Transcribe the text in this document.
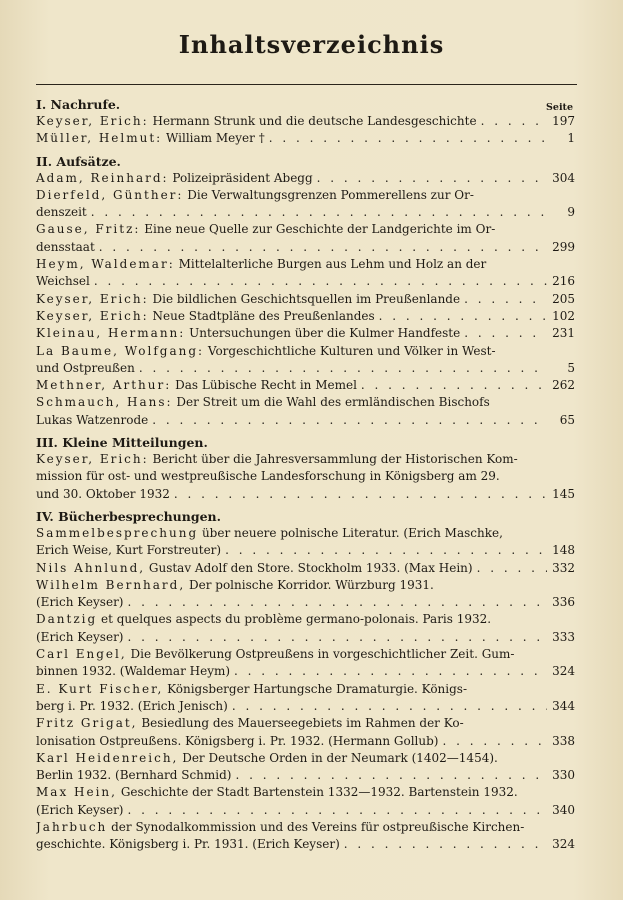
Inhaltsverzeichnis
Seite
I. Nachrufe.
Keyser, Erich: Hermann Strunk und die deutsche Landesgeschichte . . .	197
Müller, Helmut: William Meyer † . . .	1
II. Aufsätze.
Adam, Reinhard: Polizeipräsident Abegg . . .	304
Dierfeld, Günther: Die Verwaltungsgrenzen Pommerellens zur Or-
denszeit . . .	9
Gause, Fritz: Eine neue Quelle zur Geschichte der Landgerichte im Or-
densstaat . . .	299
Heym, Waldemar: Mittelalterliche Burgen aus Lehm und Holz an der
Weichsel . . .	216
Keyser, Erich: Die bildlichen Geschichtsquellen im Preußenlande . . .	205
Keyser, Erich: Neue Stadtpläne des Preußenlandes . . .	102
Kleinau, Hermann: Untersuchungen über die Kulmer Handfeste . . .	231
La Baume, Wolfgang: Vorgeschichtliche Kulturen und Völker in West-
und Ostpreußen . . .	5
Methner, Arthur: Das Lübische Recht in Memel . . .	262
Schmauch, Hans: Der Streit um die Wahl des ermländischen Bischofs
Lukas Watzenrode . . .	65
III. Kleine Mitteilungen.
Keyser, Erich: Bericht über die Jahresversammlung der Historischen Kom-
mission für ost- und westpreußische Landesforschung in Königsberg am 29.
und 30. Oktober 1932 . . .	145
IV. Bücherbesprechungen.
Sammelbesprechung über neuere polnische Literatur. (Erich Maschke,
Erich Weise, Kurt Forstreuter) . . .	148
Nils Ahnlund, Gustav Adolf den Store. Stockholm 1933. (Max Hein) . . .	332
Wilhelm Bernhard, Der polnische Korridor. Würzburg 1931.
(Erich Keyser) . . .	336
Dantzig et quelques aspects du problème germano-polonais. Paris 1932.
(Erich Keyser) . . .	333
Carl Engel, Die Bevölkerung Ostpreußens in vorgeschichtlicher Zeit. Gum-
binnen 1932. (Waldemar Heym) . . .	324
E. Kurt Fischer, Königsberger Hartungsche Dramaturgie. Königs-
berg i. Pr. 1932. (Erich Jenisch) . . .	344
Fritz Grigat, Besiedlung des Mauerseegebiets im Rahmen der Ko-
lonisation Ostpreußens. Königsberg i. Pr. 1932. (Hermann Gollub) . . .	338
Karl Heidenreich, Der Deutsche Orden in der Neumark (1402—1454).
Berlin 1932. (Bernhard Schmid) . . .	330
Max Hein, Geschichte der Stadt Bartenstein 1332—1932. Bartenstein 1932.
(Erich Keyser) . . .	340
Jahrbuch der Synodalkommission und des Vereins für ostpreußische Kirchen-
geschichte. Königsberg i. Pr. 1931. (Erich Keyser) . . .	324
